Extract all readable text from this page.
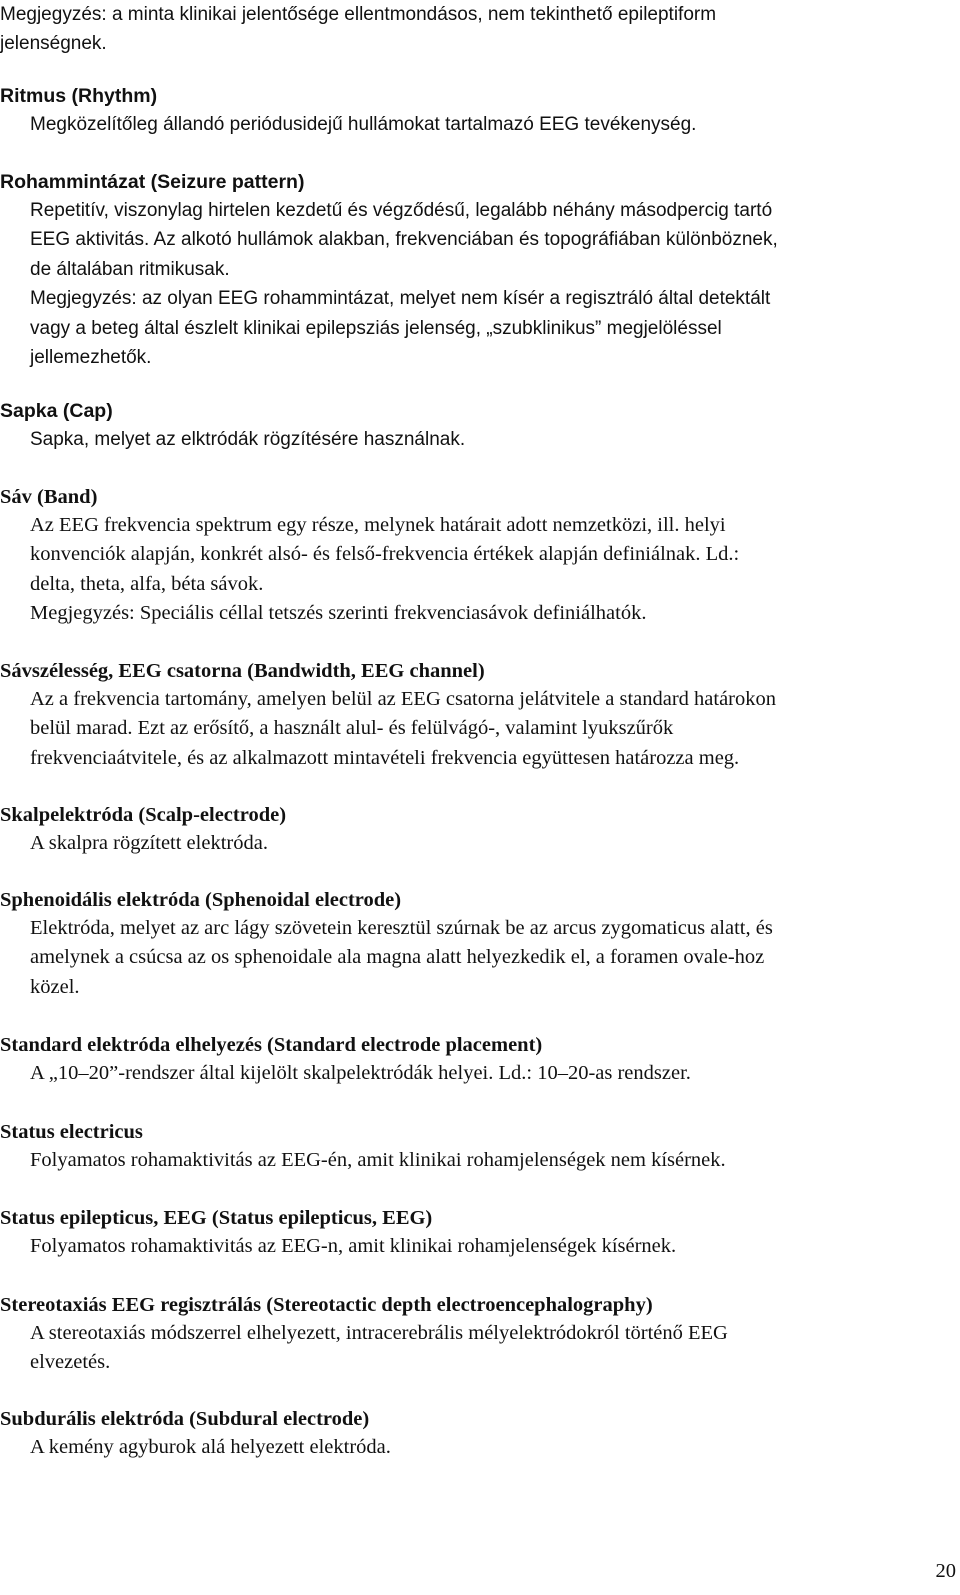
Megjegyzés: a minta klinikai jelentősége ellentmondásos, nem tekinthető epileptiform

jelenségnek.

Ritmus (Rhythm)

Megközelítőleg állandó periódusidejű hullámokat tartalmazó EEG tevékenység.

Rohammintázat (Seizure pattern)

Repetitív, viszonylag hirtelen kezdetű és végződésű, legalább néhány másodpercig tartó

EEG aktivitás. Az alkotó hullámok alakban, frekvenciában és topográfiában különböznek,

de általában ritmikusak.

Megjegyzés: az olyan EEG rohammintázat, melyet nem kísér a regisztráló által detektált

vagy a beteg által észlelt klinikai epilepsziás jelenség, „szubklinikus” megjelöléssel

jellemezhetők.

Sapka (Cap)

Sapka, melyet az elktródák rögzítésére használnak.

Sáv (Band)

Az EEG frekvencia spektrum egy része, melynek határait adott nemzetközi, ill. helyi

konvenciók alapján, konkrét alsó- és felső-frekvencia értékek alapján definiálnak. Ld.:

delta, theta, alfa, béta sávok.

Megjegyzés: Speciális céllal tetszés szerinti frekvenciasávok definiálhatók.

Sávszélesség, EEG csatorna (Bandwidth, EEG channel)

Az a frekvencia tartomány, amelyen belül az EEG csatorna jelátvitele a standard határokon

belül marad. Ezt az erősítő, a használt alul- és felülvágó-, valamint lyukszűrők

frekvenciaátvitele, és az alkalmazott mintavételi frekvencia együttesen határozza meg.

Skalpelektróda (Scalp-electrode)

A skalpra rögzített elektróda.

Sphenoidális elektróda (Sphenoidal electrode)

Elektróda, melyet az arc lágy szövetein keresztül szúrnak be az arcus zygomaticus alatt, és

amelynek a csúcsa az os sphenoidale ala magna alatt helyezkedik el, a foramen ovale-hoz

közel.

Standard elektróda elhelyezés (Standard electrode placement)

A „10–20”-rendszer által kijelölt skalpelektródák helyei. Ld.: 10–20-as rendszer.

Status electricus

Folyamatos rohamaktivitás az EEG-én, amit klinikai rohamjelenségek nem kísérnek.

Status epilepticus, EEG (Status epilepticus, EEG)

Folyamatos rohamaktivitás az EEG-n, amit klinikai rohamjelenségek kísérnek.

Stereotaxiás EEG regisztrálás (Stereotactic depth electroencephalography)

A stereotaxiás módszerrel elhelyezett, intracerebrális mélyelektródokról történő EEG

elvezetés.

Subdurális elektróda (Subdural electrode)

A kemény agyburok alá helyezett elektróda.

20
